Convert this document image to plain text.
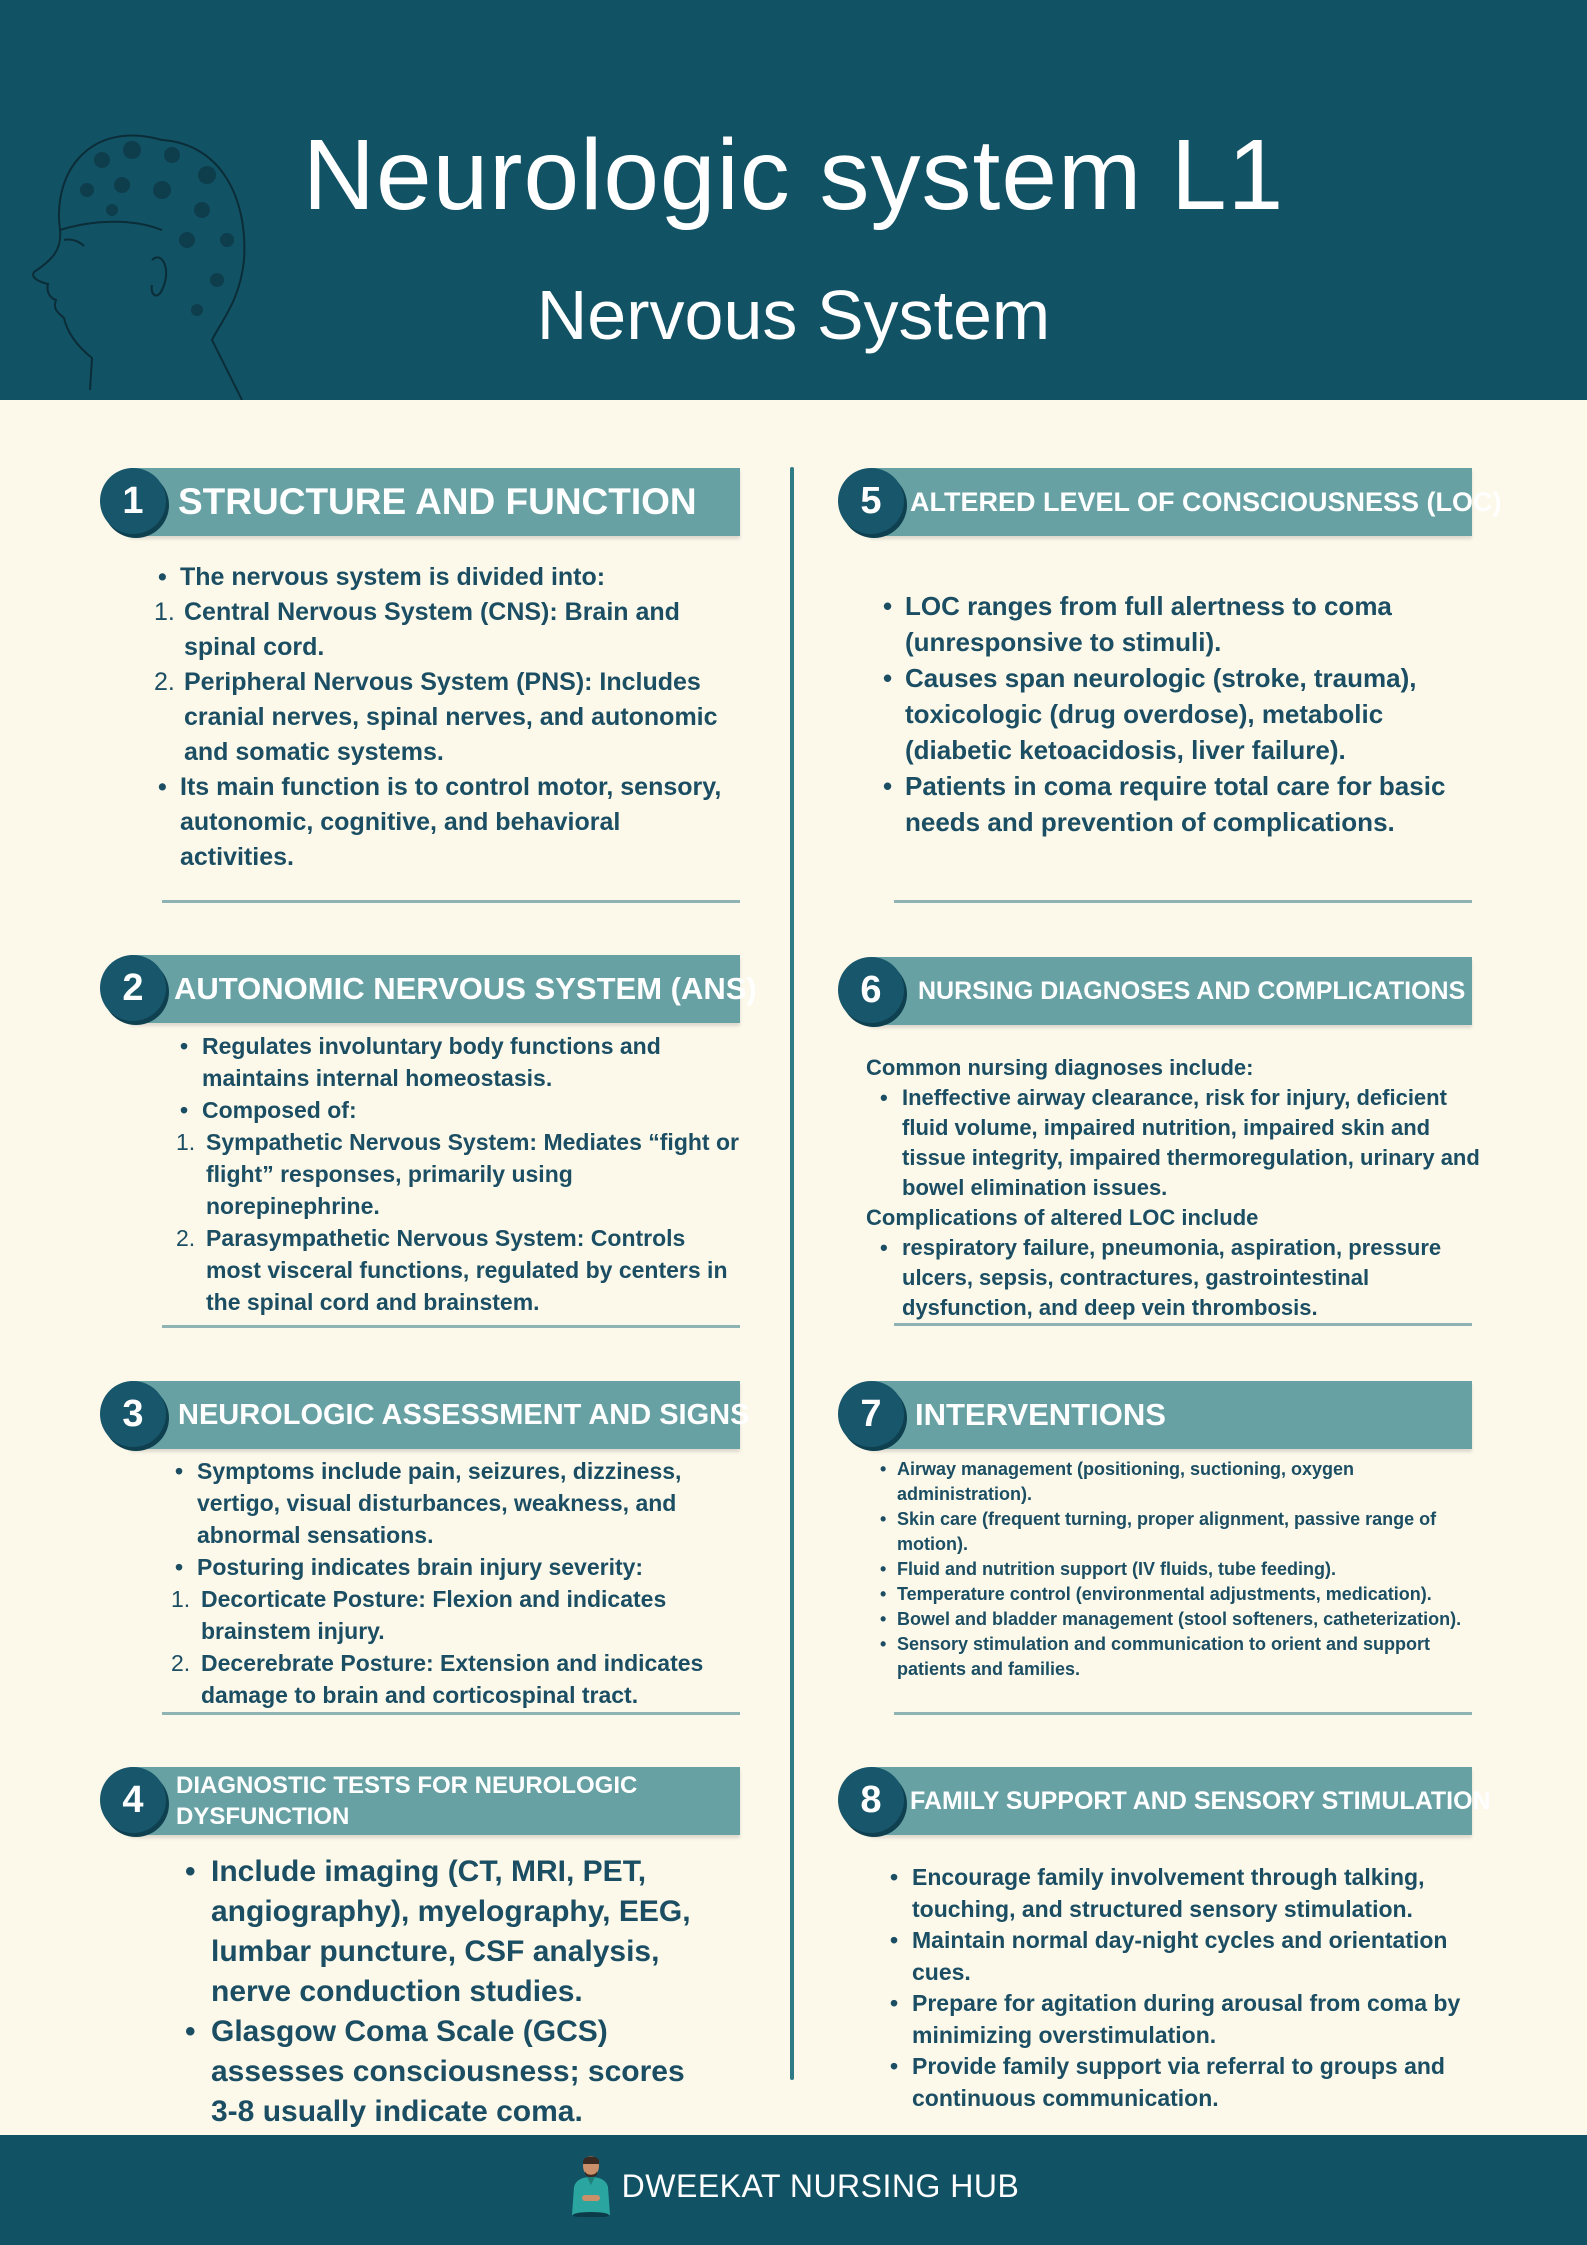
Neurologic system L1
Nervous System
STRUCTURE AND FUNCTION
1
• The nervous system is divided into:
1. Central Nervous System (CNS): Brain and spinal cord.
2. Peripheral Nervous System (PNS): Includes cranial nerves, spinal nerves, and autonomic and somatic systems.
• Its main function is to control motor, sensory, autonomic, cognitive, and behavioral activities.
AUTONOMIC NERVOUS SYSTEM (ANS)
2
• Regulates involuntary body functions and maintains internal homeostasis.
• Composed of:
1. Sympathetic Nervous System: Mediates “fight or flight” responses, primarily using norepinephrine.
2. Parasympathetic Nervous System: Controls most visceral functions, regulated by centers in the spinal cord and brainstem.
NEUROLOGIC ASSESSMENT AND SIGNS
3
• Symptoms include pain, seizures, dizziness, vertigo, visual disturbances, weakness, and abnormal sensations.
• Posturing indicates brain injury severity:
1. Decorticate Posture: Flexion and indicates brainstem injury.
2. Decerebrate Posture: Extension and indicates damage to brain and corticospinal tract.
DIAGNOSTIC TESTS FOR NEUROLOGIC DYSFUNCTION
4
• Include imaging (CT, MRI, PET, angiography), myelography, EEG, lumbar puncture, CSF analysis, nerve conduction studies.
• Glasgow Coma Scale (GCS) assesses consciousness; scores 3-8 usually indicate coma.
ALTERED LEVEL OF CONSCIOUSNESS (LOC)
5
• LOC ranges from full alertness to coma (unresponsive to stimuli).
• Causes span neurologic (stroke, trauma), toxicologic (drug overdose), metabolic (diabetic ketoacidosis, liver failure).
• Patients in coma require total care for basic needs and prevention of complications.
NURSING DIAGNOSES AND COMPLICATIONS
6
Common nursing diagnoses include:
• Ineffective airway clearance, risk for injury, deficient fluid volume, impaired nutrition, impaired skin and tissue integrity, impaired thermoregulation, urinary and bowel elimination issues.
Complications of altered LOC include
• respiratory failure, pneumonia, aspiration, pressure ulcers, sepsis, contractures, gastrointestinal dysfunction, and deep vein thrombosis.
INTERVENTIONS
7
• Airway management (positioning, suctioning, oxygen administration).
• Skin care (frequent turning, proper alignment, passive range of motion).
• Fluid and nutrition support (IV fluids, tube feeding).
• Temperature control (environmental adjustments, medication).
• Bowel and bladder management (stool softeners, catheterization).
• Sensory stimulation and communication to orient and support patients and families.
FAMILY SUPPORT AND SENSORY STIMULATION
8
• Encourage family involvement through talking, touching, and structured sensory stimulation.
• Maintain normal day-night cycles and orientation cues.
• Prepare for agitation during arousal from coma by minimizing overstimulation.
• Provide family support via referral to groups and continuous communication.
DWEEKAT NURSING HUB
